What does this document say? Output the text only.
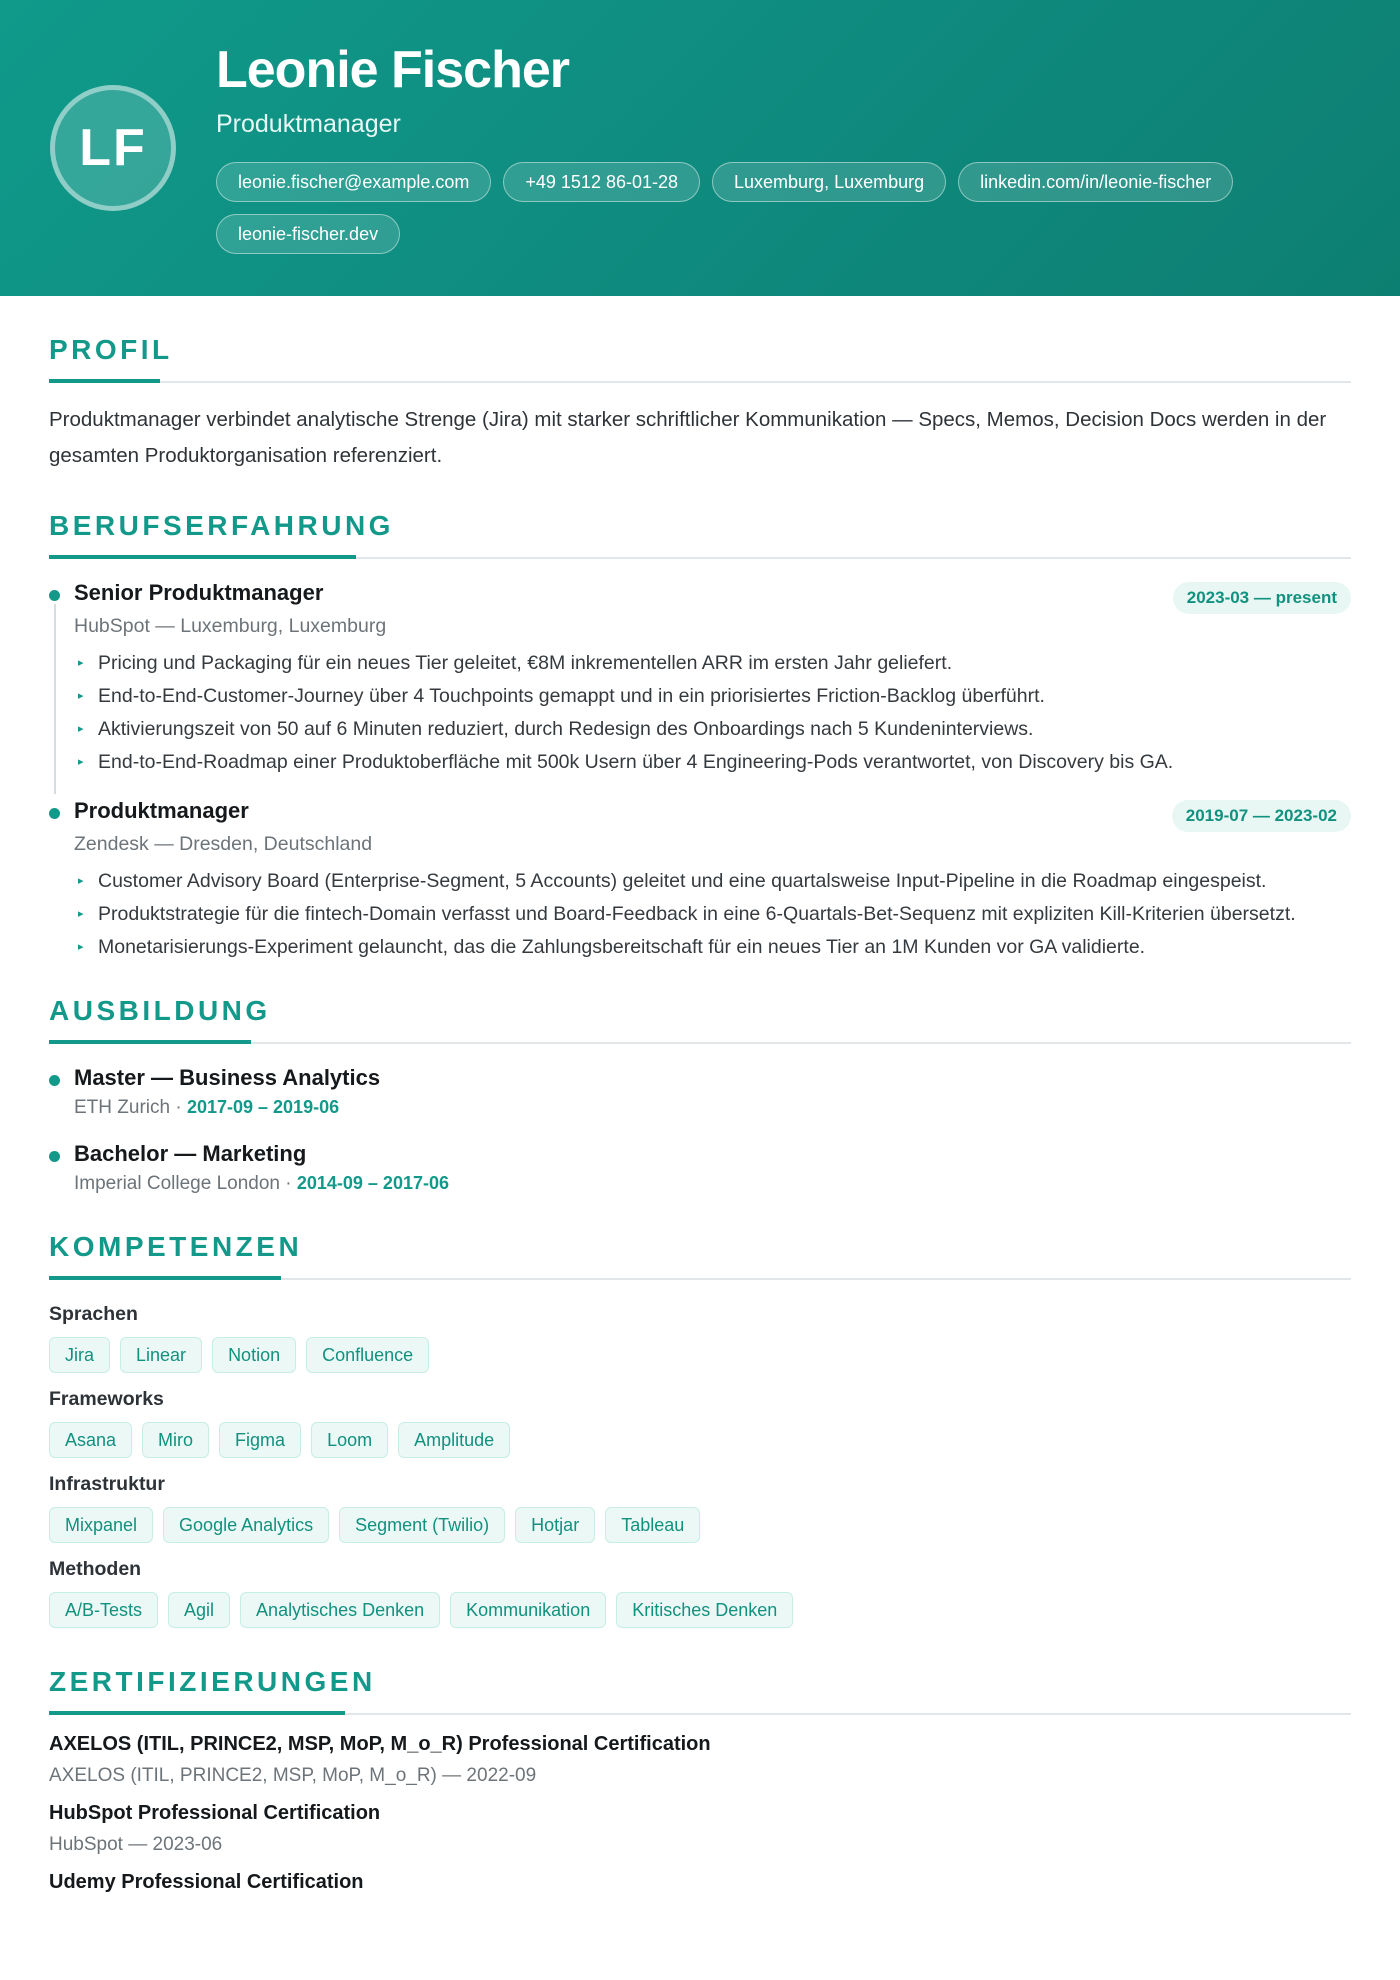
LF
Leonie Fischer
Produktmanager
leonie.fischer@example.com	+49 1512 86-01-28	Luxemburg, Luxemburg	linkedin.com/in/leonie-fischer
leonie-fischer.dev
PROFIL
Produktmanager verbindet analytische Strenge (Jira) mit starker schriftlicher Kommunikation — Specs, Memos, Decision Docs werden in der gesamten Produktorganisation referenziert.
BERUFSERFAHRUNG
Senior Produktmanager
HubSpot — Luxemburg, Luxemburg
2023-03 — present
▸ Pricing und Packaging für ein neues Tier geleitet, €8M inkrementellen ARR im ersten Jahr geliefert.
▸ End-to-End-Customer-Journey über 4 Touchpoints gemappt und in ein priorisiertes Friction-Backlog überführt.
▸ Aktivierungszeit von 50 auf 6 Minuten reduziert, durch Redesign des Onboardings nach 5 Kundeninterviews.
▸ End-to-End-Roadmap einer Produktoberfläche mit 500k Usern über 4 Engineering-Pods verantwortet, von Discovery bis GA.
Produktmanager
Zendesk — Dresden, Deutschland
2019-07 — 2023-02
▸ Customer Advisory Board (Enterprise-Segment, 5 Accounts) geleitet und eine quartalsweise Input-Pipeline in die Roadmap eingespeist.
▸ Produktstrategie für die fintech-Domain verfasst und Board-Feedback in eine 6-Quartals-Bet-Sequenz mit expliziten Kill-Kriterien übersetzt.
▸ Monetarisierungs-Experiment gelauncht, das die Zahlungsbereitschaft für ein neues Tier an 1M Kunden vor GA validierte.
AUSBILDUNG
Master — Business Analytics
ETH Zurich · 2017-09 – 2019-06
Bachelor — Marketing
Imperial College London · 2014-09 – 2017-06
KOMPETENZEN
Sprachen
Jira	Linear	Notion	Confluence
Frameworks
Asana	Miro	Figma	Loom	Amplitude
Infrastruktur
Mixpanel	Google Analytics	Segment (Twilio)	Hotjar	Tableau
Methoden
A/B-Tests	Agil	Analytisches Denken	Kommunikation	Kritisches Denken
ZERTIFIZIERUNGEN
AXELOS (ITIL, PRINCE2, MSP, MoP, M_o_R) Professional Certification
AXELOS (ITIL, PRINCE2, MSP, MoP, M_o_R) — 2022-09
HubSpot Professional Certification
HubSpot — 2023-06
Udemy Professional Certification
